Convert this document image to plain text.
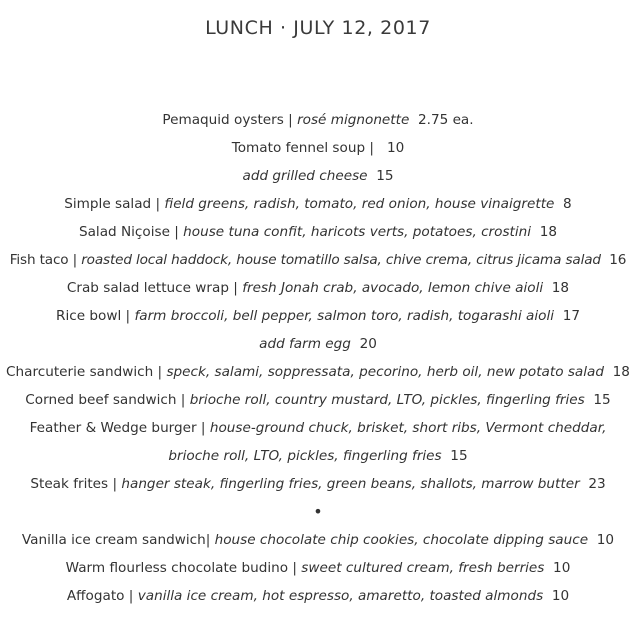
LUNCH · JULY 12, 2017
Pemaquid oysters | rosé mignonette 2.75 ea.
Tomato fennel soup | 10
add grilled cheese 15
Simple salad | field greens, radish, tomato, red onion, house vinaigrette 8
Salad Niçoise | house tuna confit, haricots verts, potatoes, crostini 18
Fish taco | roasted local haddock, house tomatillo salsa, chive crema, citrus jicama salad 16
Crab salad lettuce wrap | fresh Jonah crab, avocado, lemon chive aioli 18
Rice bowl | farm broccoli, bell pepper, salmon toro, radish, togarashi aioli 17
add farm egg 20
Charcuterie sandwich | speck, salami, soppressata, pecorino, herb oil, new potato salad 18
Corned beef sandwich | brioche roll, country mustard, LTO, pickles, fingerling fries 15
Feather & Wedge burger | house-ground chuck, brisket, short ribs, Vermont cheddar,
brioche roll, LTO, pickles, fingerling fries 15
Steak frites | hanger steak, fingerling fries, green beans, shallots, marrow butter 23
•
Vanilla ice cream sandwich| house chocolate chip cookies, chocolate dipping sauce 10
Warm flourless chocolate budino | sweet cultured cream, fresh berries 10
Affogato | vanilla ice cream, hot espresso, amaretto, toasted almonds 10
